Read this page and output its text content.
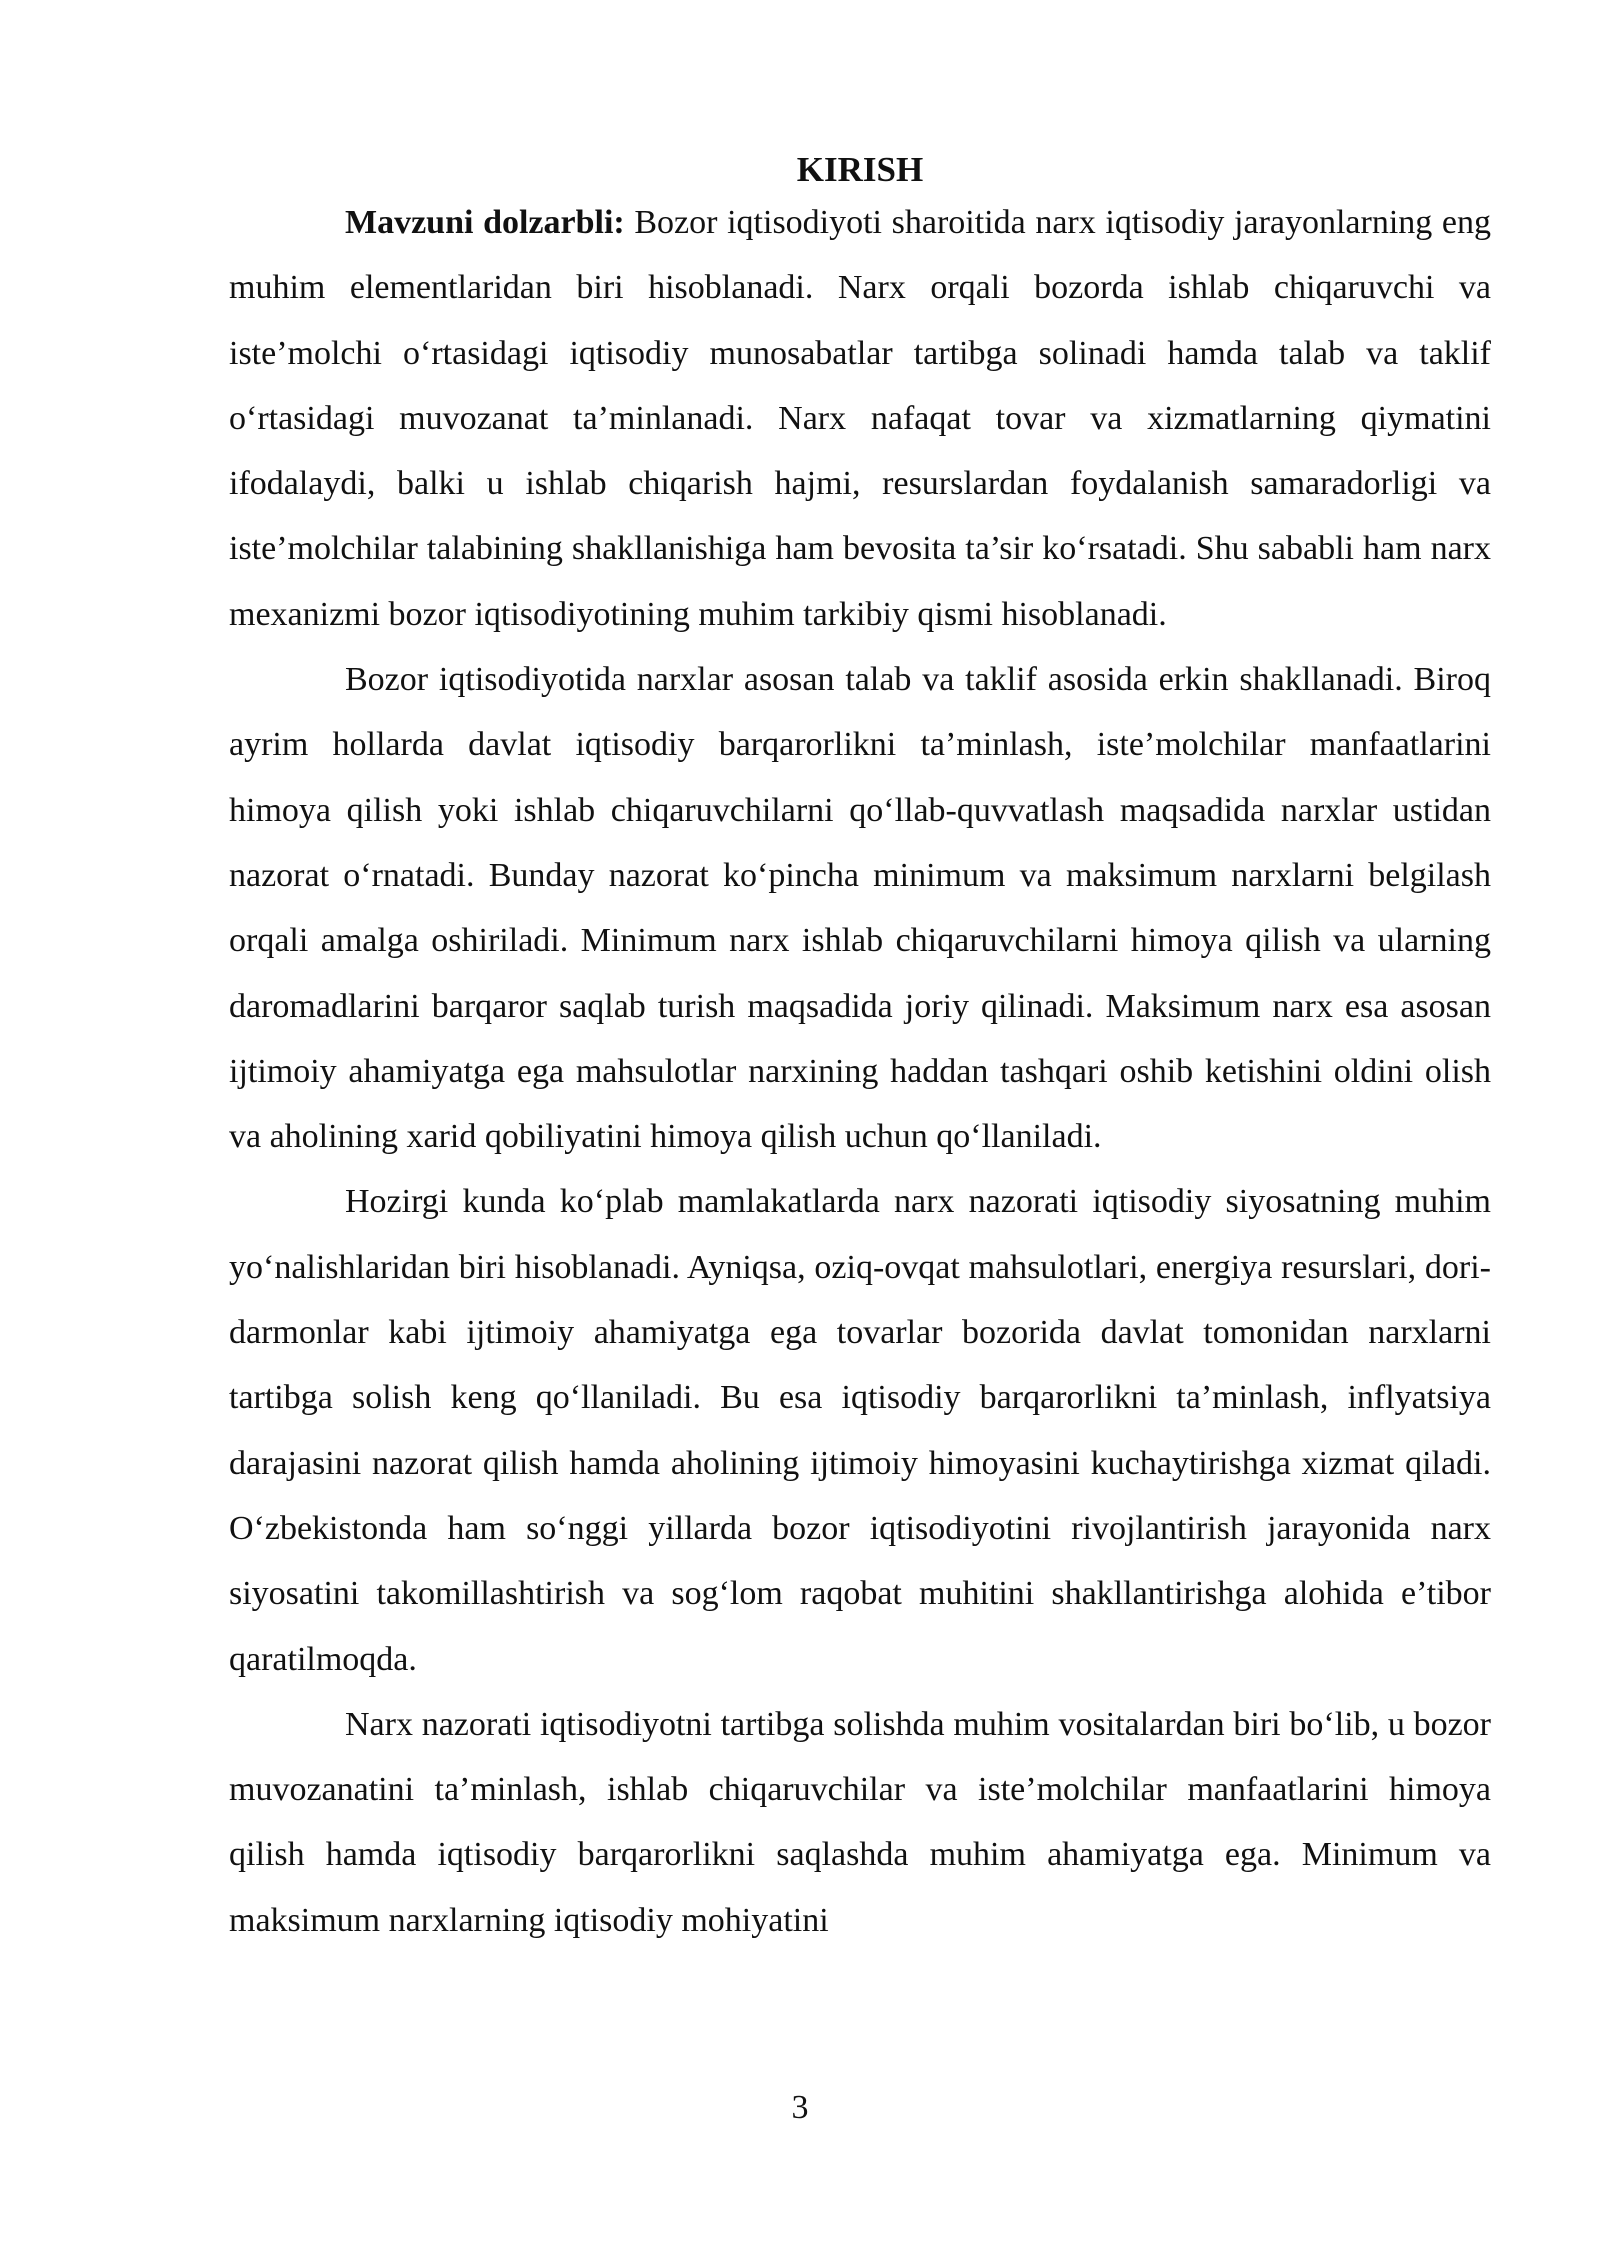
KIRISH

Mavzuni dolzarbli: Bozor iqtisodiyoti sharoitida narx iqtisodiy jarayonlarning eng muhim elementlaridan biri hisoblanadi. Narx orqali bozorda ishlab chiqaruvchi va iste’molchi o‘rtasidagi iqtisodiy munosabatlar tartibga solinadi hamda talab va taklif o‘rtasidagi muvozanat ta’minlanadi. Narx nafaqat tovar va xizmatlarning qiymatini ifodalaydi, balki u ishlab chiqarish hajmi, resurslardan foydalanish samaradorligi va iste’molchilar talabining shakllanishiga ham bevosita ta’sir ko‘rsatadi. Shu sababli ham narx mexanizmi bozor iqtisodiyotining muhim tarkibiy qismi hisoblanadi.

Bozor iqtisodiyotida narxlar asosan talab va taklif asosida erkin shakllanadi. Biroq ayrim hollarda davlat iqtisodiy barqarorlikni ta’minlash, iste’molchilar manfaatlarini himoya qilish yoki ishlab chiqaruvchilarni qo‘llab-quvvatlash maqsadida narxlar ustidan nazorat o‘rnatadi. Bunday nazorat ko‘pincha minimum va maksimum narxlarni belgilash orqali amalga oshiriladi. Minimum narx ishlab chiqaruvchilarni himoya qilish va ularning daromadlarini barqaror saqlab turish maqsadida joriy qilinadi. Maksimum narx esa asosan ijtimoiy ahamiyatga ega mahsulotlar narxining haddan tashqari oshib ketishini oldini olish va aholining xarid qobiliyatini himoya qilish uchun qo‘llaniladi.

Hozirgi kunda ko‘plab mamlakatlarda narx nazorati iqtisodiy siyosatning muhim yo‘nalishlaridan biri hisoblanadi. Ayniqsa, oziq-ovqat mahsulotlari, energiya resurslari, dori-darmonlar kabi ijtimoiy ahamiyatga ega tovarlar bozorida davlat tomonidan narxlarni tartibga solish keng qo‘llaniladi. Bu esa iqtisodiy barqarorlikni ta’minlash, inflyatsiya darajasini nazorat qilish hamda aholining ijtimoiy himoyasini kuchaytirishga xizmat qiladi. O‘zbekistonda ham so‘nggi yillarda bozor iqtisodiyotini rivojlantirish jarayonida narx siyosatini takomillashtirish va sog‘lom raqobat muhitini shakllantirishga alohida e’tibor qaratilmoqda.

Narx nazorati iqtisodiyotni tartibga solishda muhim vositalardan biri bo‘lib, u bozor muvozanatini ta’minlash, ishlab chiqaruvchilar va iste’molchilar manfaatlarini himoya qilish hamda iqtisodiy barqarorlikni saqlashda muhim ahamiyatga ega. Minimum va maksimum narxlarning iqtisodiy mohiyatini

3
